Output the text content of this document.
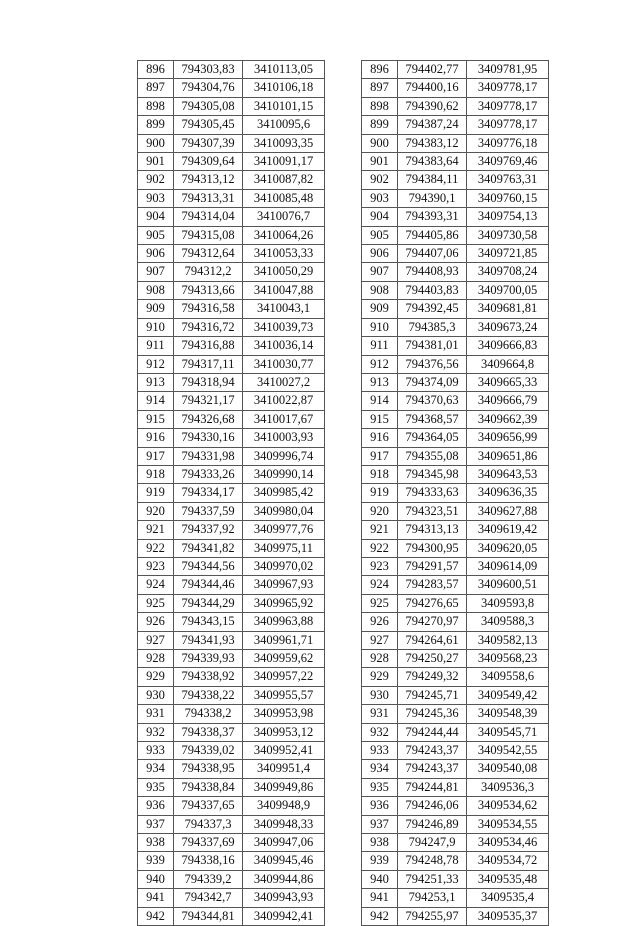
896	794303,83	3410113,05
897	794304,76	3410106,18
898	794305,08	3410101,15
899	794305,45	3410095,6
900	794307,39	3410093,35
901	794309,64	3410091,17
902	794313,12	3410087,82
903	794313,31	3410085,48
904	794314,04	3410076,7
905	794315,08	3410064,26
906	794312,64	3410053,33
907	794312,2	3410050,29
908	794313,66	3410047,88
909	794316,58	3410043,1
910	794316,72	3410039,73
911	794316,88	3410036,14
912	794317,11	3410030,77
913	794318,94	3410027,2
914	794321,17	3410022,87
915	794326,68	3410017,67
916	794330,16	3410003,93
917	794331,98	3409996,74
918	794333,26	3409990,14
919	794334,17	3409985,42
920	794337,59	3409980,04
921	794337,92	3409977,76
922	794341,82	3409975,11
923	794344,56	3409970,02
924	794344,46	3409967,93
925	794344,29	3409965,92
926	794343,15	3409963,88
927	794341,93	3409961,71
928	794339,93	3409959,62
929	794338,92	3409957,22
930	794338,22	3409955,57
931	794338,2	3409953,98
932	794338,37	3409953,12
933	794339,02	3409952,41
934	794338,95	3409951,4
935	794338,84	3409949,86
936	794337,65	3409948,9
937	794337,3	3409948,33
938	794337,69	3409947,06
939	794338,16	3409945,46
940	794339,2	3409944,86
941	794342,7	3409943,93
942	794344,81	3409942,41
896	794402,77	3409781,95
897	794400,16	3409778,17
898	794390,62	3409778,17
899	794387,24	3409778,17
900	794383,12	3409776,18
901	794383,64	3409769,46
902	794384,11	3409763,31
903	794390,1	3409760,15
904	794393,31	3409754,13
905	794405,86	3409730,58
906	794407,06	3409721,85
907	794408,93	3409708,24
908	794403,83	3409700,05
909	794392,45	3409681,81
910	794385,3	3409673,24
911	794381,01	3409666,83
912	794376,56	3409664,8
913	794374,09	3409665,33
914	794370,63	3409666,79
915	794368,57	3409662,39
916	794364,05	3409656,99
917	794355,08	3409651,86
918	794345,98	3409643,53
919	794333,63	3409636,35
920	794323,51	3409627,88
921	794313,13	3409619,42
922	794300,95	3409620,05
923	794291,57	3409614,09
924	794283,57	3409600,51
925	794276,65	3409593,8
926	794270,97	3409588,3
927	794264,61	3409582,13
928	794250,27	3409568,23
929	794249,32	3409558,6
930	794245,71	3409549,42
931	794245,36	3409548,39
932	794244,44	3409545,71
933	794243,37	3409542,55
934	794243,37	3409540,08
935	794244,81	3409536,3
936	794246,06	3409534,62
937	794246,89	3409534,55
938	794247,9	3409534,46
939	794248,78	3409534,72
940	794251,33	3409535,48
941	794253,1	3409535,4
942	794255,97	3409535,37
